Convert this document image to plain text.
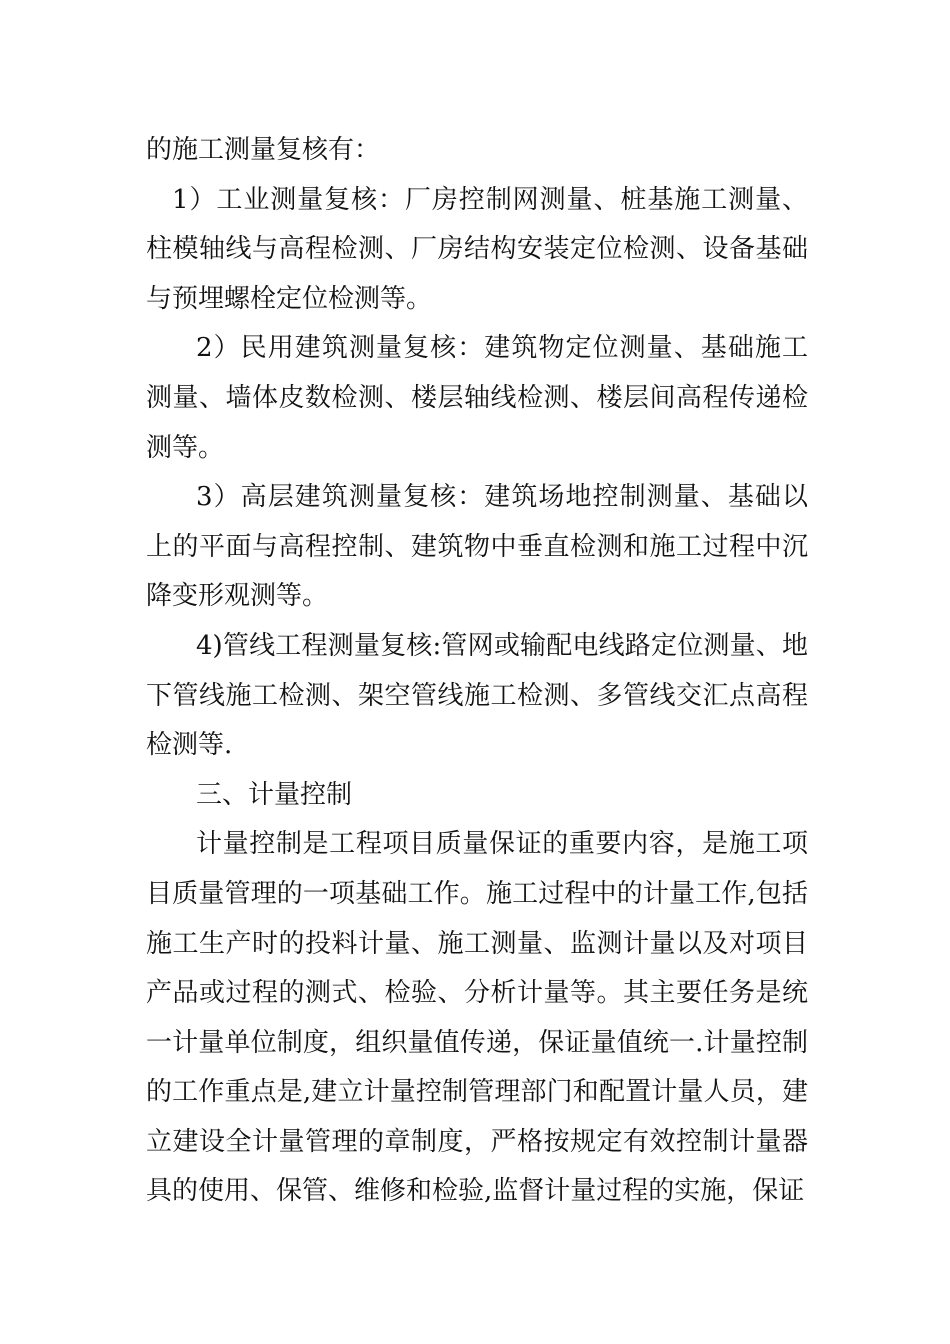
的施工测量复核有：

1）工业测量复核：厂房控制网测量、桩基施工测量、柱模轴线与高程检测、厂房结构安装定位检测、设备基础与预埋螺栓定位检测等。

2）民用建筑测量复核：建筑物定位测量、基础施工测量、墙体皮数检测、楼层轴线检测、楼层间高程传递检测等。

3）高层建筑测量复核：建筑场地控制测量、基础以上的平面与高程控制、建筑物中垂直检测和施工过程中沉降变形观测等。

4)管线工程测量复核:管网或输配电线路定位测量、地下管线施工检测、架空管线施工检测、多管线交汇点高程检测等.

三、计量控制

计量控制是工程项目质量保证的重要内容，是施工项目质量管理的一项基础工作。施工过程中的计量工作,包括施工生产时的投料计量、施工测量、监测计量以及对项目产品或过程的测式、检验、分析计量等。其主要任务是统一计量单位制度，组织量值传递，保证量值统一.计量控制的工作重点是,建立计量控制管理部门和配置计量人员，建立建设全计量管理的章制度，严格按规定有效控制计量器具的使用、保管、维修和检验,监督计量过程的实施，保证
